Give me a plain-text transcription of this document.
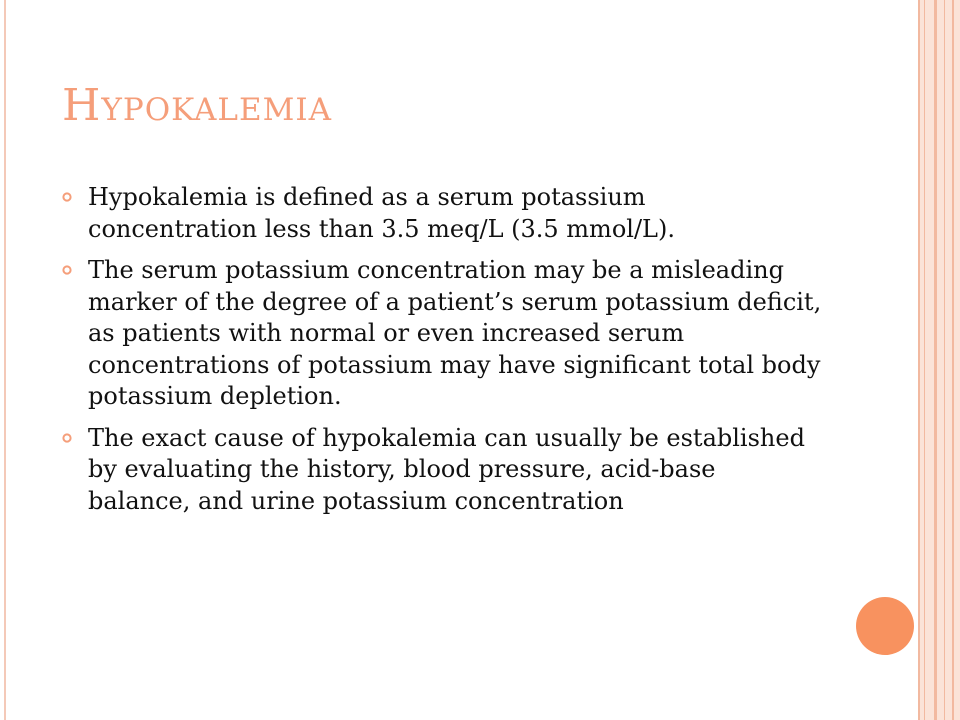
Hypokalemia
Hypokalemia is defined as a serum potassium concentration less than 3.5 meq/L (3.5 mmol/L).
The serum potassium concentration may be a misleading marker of the degree of a patient’s serum potassium deficit, as patients with normal or even increased serum concentrations of potassium may have significant total body potassium depletion.
The exact cause of hypokalemia can usually be established by evaluating the history, blood pressure, acid-base balance, and urine potassium concentration
